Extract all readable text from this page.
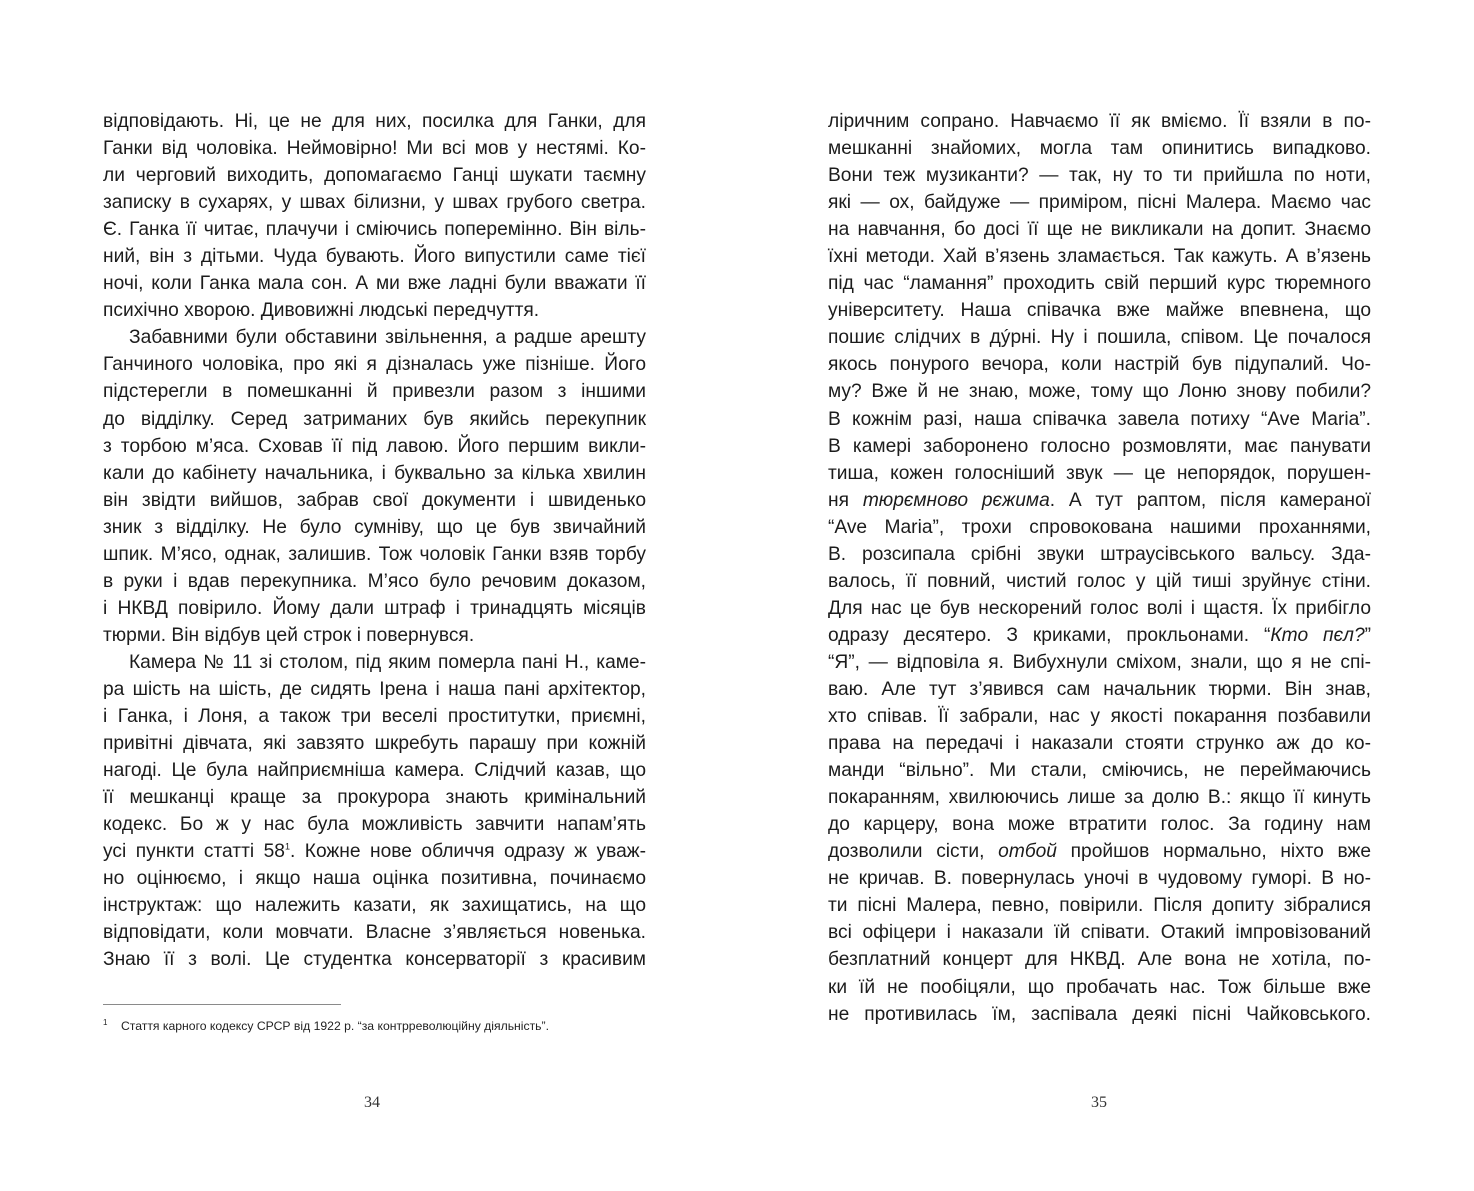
відповідають. Ні, це не для них, посилка для Ганки, для
Ганки від чоловіка. Неймовірно! Ми всі мов у нестямі. Ко-
ли черговий виходить, допомагаємо Ганці шукати таємну
записку в сухарях, у швах білизни, у швах грубого светра.
Є. Ганка її читає, плачучи і сміючись поперемінно. Він віль-
ний, він з дітьми. Чуда бувають. Його випустили саме тієї
ночі, коли Ганка мала сон. А ми вже ладні були вважати її
психічно хворою. Дивовижні людські передчуття.
Забавними були обставини звільнення, а радше арешту
Ганчиного чоловіка, про які я дізналась уже пізніше. Його
підстерегли в помешканні й привезли разом з іншими
до відділку. Серед затриманих був якийсь перекупник
з торбою м’яса. Сховав її під лавою. Його першим викли-
кали до кабінету начальника, і буквально за кілька хвилин
він звідти вийшов, забрав свої документи і швиденько
зник з відділку. Не було сумніву, що це був звичайний
шпик. М’ясо, однак, залишив. Тож чоловік Ганки взяв торбу
в руки і вдав перекупника. М’ясо було речовим доказом,
і НКВД повірило. Йому дали штраф і тринадцять місяців
тюрми. Він відбув цей строк і повернувся.
Камера № 11 зі столом, під яким померла пані Н., каме-
ра шість на шість, де сидять Ірена і наша пані архітектор,
і Ганка, і Лоня, а також три веселі проститутки, приємні,
привітні дівчата, які завзято шкребуть парашу при кожній
нагоді. Це була найприємніша камера. Слідчий казав, що
її мешканці краще за прокурора знають кримінальний
кодекс. Бо ж у нас була можливість завчити напам’ять
усі пункти статті $58^1$. Кожне нове обличчя одразу ж уваж-
но оцінюємо, і якщо наша оцінка позитивна, починаємо
інструктаж: що належить казати, як захищатись, на що
відповідати, коли мовчати. Власне з’являється новенька.
Знаю її з волі. Це студентка консерваторії з красивим
1 Стаття карного кодексу СРСР від 1922 р. “за контрреволюційну діяльність”.
34
ліричним сопрано. Навчаємо її як вміємо. Її взяли в по-
мешканні знайомих, могла там опинитись випадково.
Вони теж музиканти? — так, ну то ти прийшла по ноти,
які — ох, байдуже — приміром, пісні Малера. Маємо час
на навчання, бо досі її ще не викликали на допит. Знаємо
їхні методи. Хай в’язень зламається. Так кажуть. А в’язень
під час “ламання” проходить свій перший курс тюремного
університету. Наша співачка вже майже впевнена, що
пошиє слідчих в дýрні. Ну і пошила, співом. Це почалося
якось понурого вечора, коли настрій був підупалий. Чо-
му? Вже й не знаю, може, тому що Лоню знову побили?
В кожнім разі, наша співачка завела потиху “Ave Maria”.
В камері заборонено голосно розмовляти, має панувати
тиша, кожен голосніший звук — це непорядок, порушен-
ня тюрємново рєжима. А тут раптом, після камераної
“Ave Maria”, трохи спровокована нашими проханнями,
В. розсипала срібні звуки штраусівського вальсу. Зда-
валось, її повний, чистий голос у цій тиші зруйнує стіни.
Для нас це був нескорений голос волі і щастя. Їх прибігло
одразу десятеро. З криками, прокльонами. “Кто пєл?”
“Я”, — відповіла я. Вибухнули сміхом, знали, що я не спі-
ваю. Але тут з’явився сам начальник тюрми. Він знав,
хто співав. Її забрали, нас у якості покарання позбавили
права на передачі і наказали стояти струнко аж до ко-
манди “вільно”. Ми стали, сміючись, не переймаючись
покаранням, хвилюючись лише за долю В.: якщо її кинуть
до карцеру, вона може втратити голос. За годину нам
дозволили сісти, отбой пройшов нормально, ніхто вже
не кричав. В. повернулась уночі в чудовому гуморі. В но-
ти пісні Малера, певно, повірили. Після допиту зібралися
всі офіцери і наказали їй співати. Отакий імпровізований
безплатний концерт для НКВД. Але вона не хотіла, по-
ки їй не пообіцяли, що пробачать нас. Тож більше вже
не противилась їм, заспівала деякі пісні Чайковського.
35
